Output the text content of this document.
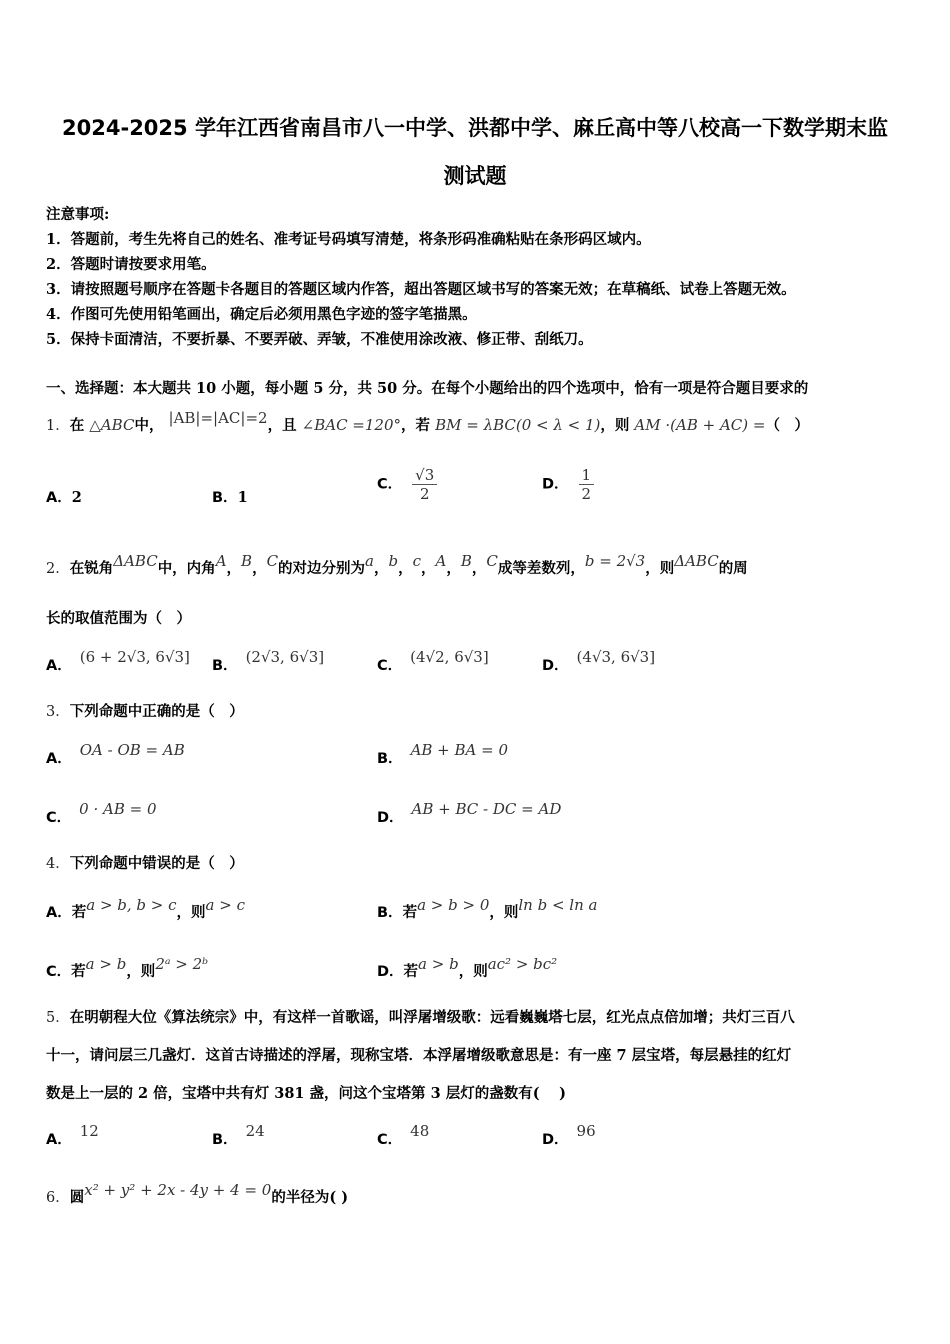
2024-2025 学年江西省南昌市八一中学、洪都中学、麻丘高中等八校高一下数学期末监
测试题
注意事项:
1．答题前，考生先将自己的姓名、准考证号码填写清楚，将条形码准确粘贴在条形码区域内。
2．答题时请按要求用笔。
3．请按照题号顺序在答题卡各题目的答题区域内作答，超出答题区域书写的答案无效；在草稿纸、试卷上答题无效。
4．作图可先使用铅笔画出，确定后必须用黑色字迹的签字笔描黑。
5．保持卡面清洁，不要折暴、不要弄破、弄皱，不准使用涂改液、修正带、刮纸刀。
一、选择题：本大题共 10 小题，每小题 5 分，共 50 分。在每个小题给出的四个选项中，恰有一项是符合题目要求的
1．在 △ABC中， |AB|=|AC|=2，且 ∠BAC =120°，若 BM = λBC(0 < λ < 1)，则 AM ·(AB + AC) =（　）
A．2	B．1
C． $\frac{√3}{2}$	D． $\frac{1}{2}$
2．在锐角ΔABC中，内角A，B，C的对边分别为a，b，c，A，B，C成等差数列，b = 2√3，则ΔABC的周
长的取值范围为（　）
A． (6 + 2√3, 6√3] B． (2√3, 6√3]	C． (4√2, 6√3]	D． (4√3, 6√3]
3．下列命题中正确的是（　）
A． OA - OB = AB	B． AB + BA = 0
C． 0 · AB = 0	D． AB + BC - DC = AD
4．下列命题中错误的是（　）
A．若a > b, b > c，则a > c	B．若a > b > 0，则ln b < ln a
C．若a > b，则2ᵃ > 2ᵇ	D．若a > b，则ac² > bc²
5．在明朝程大位《算法统宗》中，有这样一首歌谣，叫浮屠增级歌：远看巍巍塔七层，红光点点倍加增；共灯三百八
十一，请问层三几盏灯．这首古诗描述的浮屠，现称宝塔．本浮屠增级歌意思是：有一座 7 层宝塔，每层悬挂的红灯
数是上一层的 2 倍，宝塔中共有灯 381 盏，问这个宝塔第 3 层灯的盏数有(　 )
A． 12	B． 24	C． 48	D． 96
6．圆x² + y² + 2x - 4y + 4 = 0的半径为( )
